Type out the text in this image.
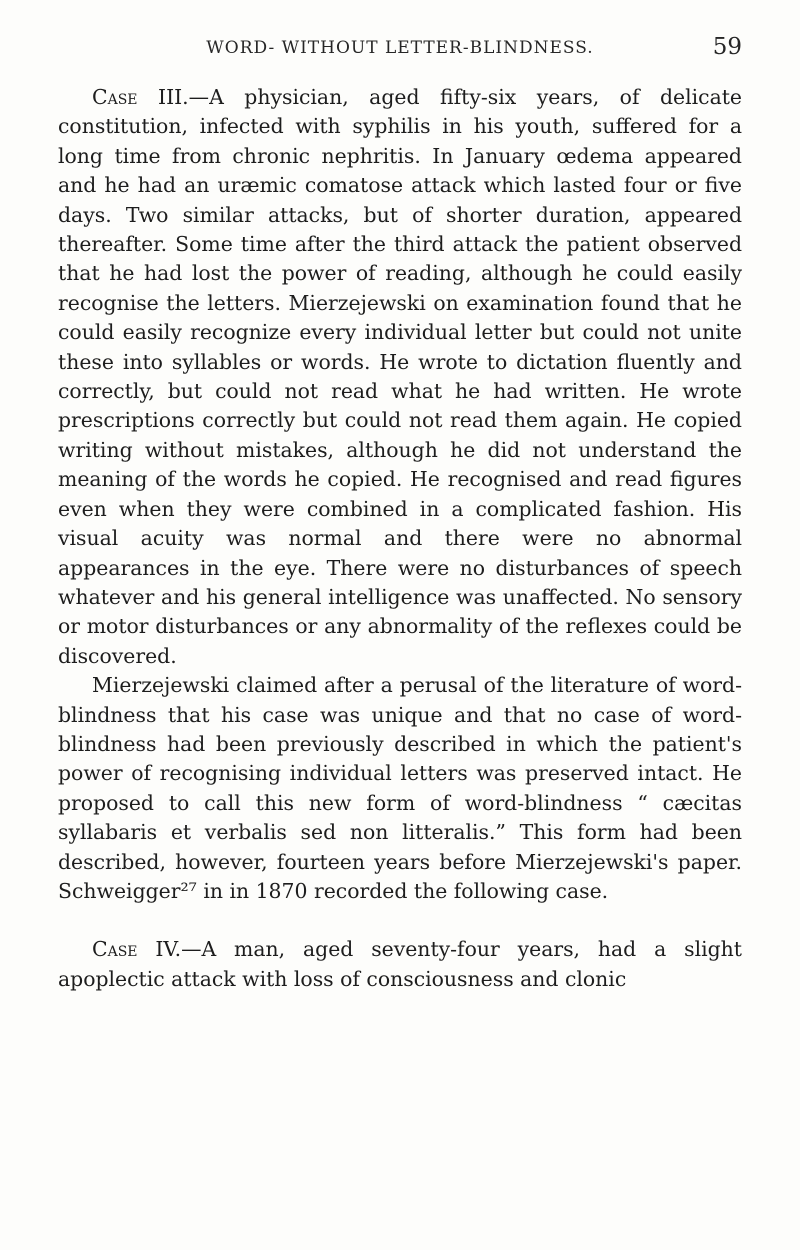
WORD- WITHOUT LETTER-BLINDNESS.	59

Case III.—A physician, aged fifty-six years, of delicate constitution, infected with syphilis in his youth, suffered for a long time from chronic nephritis. In January œdema appeared and he had an uræmic comatose attack which lasted four or five days. Two similar attacks, but of shorter duration, appeared thereafter. Some time after the third attack the patient observed that he had lost the power of reading, although he could easily recognise the letters. Mierzejewski on examination found that he could easily recognize every individual letter but could not unite these into syllables or words. He wrote to dictation fluently and correctly, but could not read what he had written. He wrote prescriptions correctly but could not read them again. He copied writing without mistakes, although he did not understand the meaning of the words he copied. He recognised and read figures even when they were combined in a complicated fashion. His visual acuity was normal and there were no abnormal appearances in the eye. There were no disturbances of speech whatever and his general intelligence was unaffected. No sensory or motor disturbances or any abnormality of the reflexes could be discovered.

Mierzejewski claimed after a perusal of the literature of word-blindness that his case was unique and that no case of word-blindness had been previously described in which the patient's power of recognising individual letters was preserved intact. He proposed to call this new form of word-blindness “ cæcitas syllabaris et verbalis sed non litteralis.” This form had been described, however, fourteen years before Mierzejewski's paper. Schweigger²⁷ in in 1870 recorded the following case.

Case IV.—A man, aged seventy-four years, had a slight apoplectic attack with loss of consciousness and clonic
